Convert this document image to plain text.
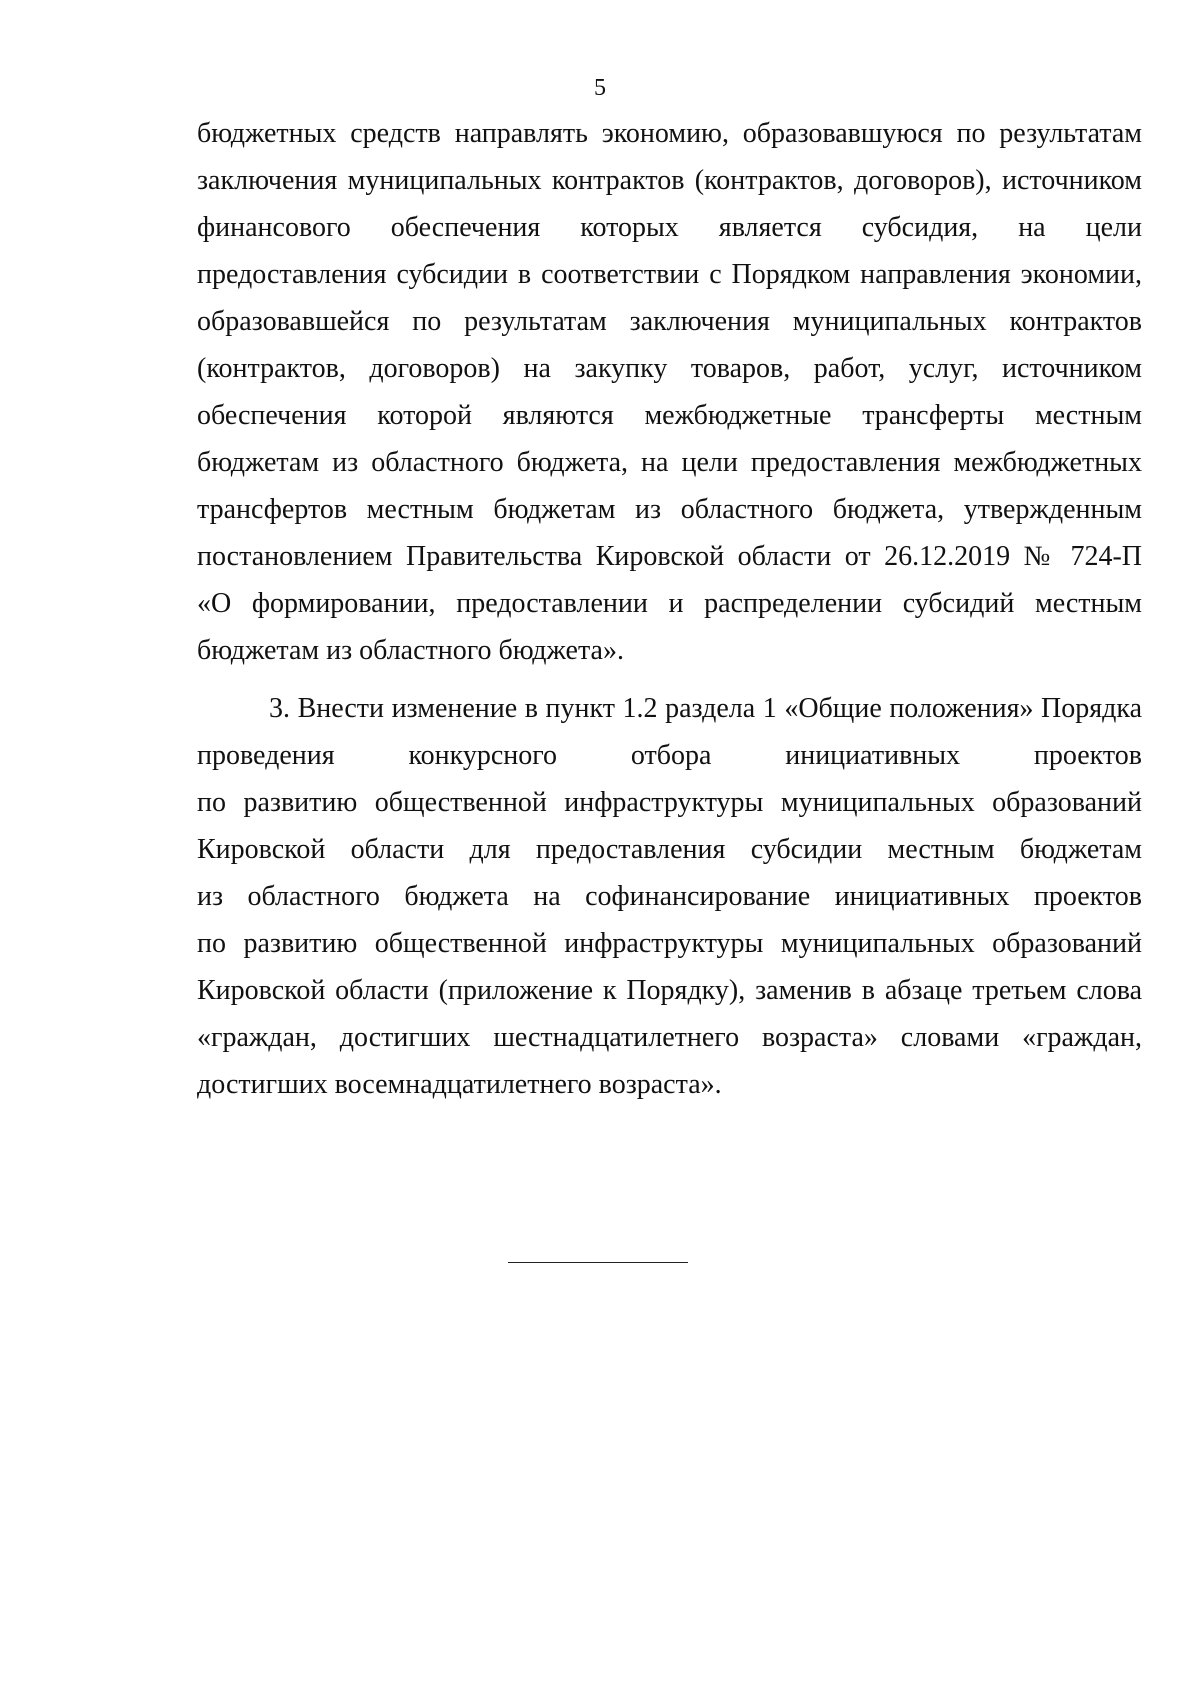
5
бюджетных средств направлять экономию, образовавшуюся по результатам
заключения муниципальных контрактов (контрактов, договоров), источником
финансового обеспечения которых является субсидия, на цели
предоставления субсидии в соответствии с Порядком направления экономии,
образовавшейся по результатам заключения муниципальных контрактов
(контрактов, договоров) на закупку товаров, работ, услуг, источником
обеспечения которой являются межбюджетные трансферты местным
бюджетам из областного бюджета, на цели предоставления межбюджетных
трансфертов местным бюджетам из областного бюджета, утвержденным
постановлением Правительства Кировской области от 26.12.2019 № 724-П
«О формировании, предоставлении и распределении субсидий местным
бюджетам из областного бюджета».
3. Внести изменение в пункт 1.2 раздела 1 «Общие положения» Порядка
проведения конкурсного отбора инициативных проектов
по развитию общественной инфраструктуры муниципальных образований
Кировской области для предоставления субсидии местным бюджетам
из областного бюджета на софинансирование инициативных проектов
по развитию общественной инфраструктуры муниципальных образований
Кировской области (приложение к Порядку), заменив в абзаце третьем слова
«граждан, достигших шестнадцатилетнего возраста» словами «граждан,
достигших восемнадцатилетнего возраста».
